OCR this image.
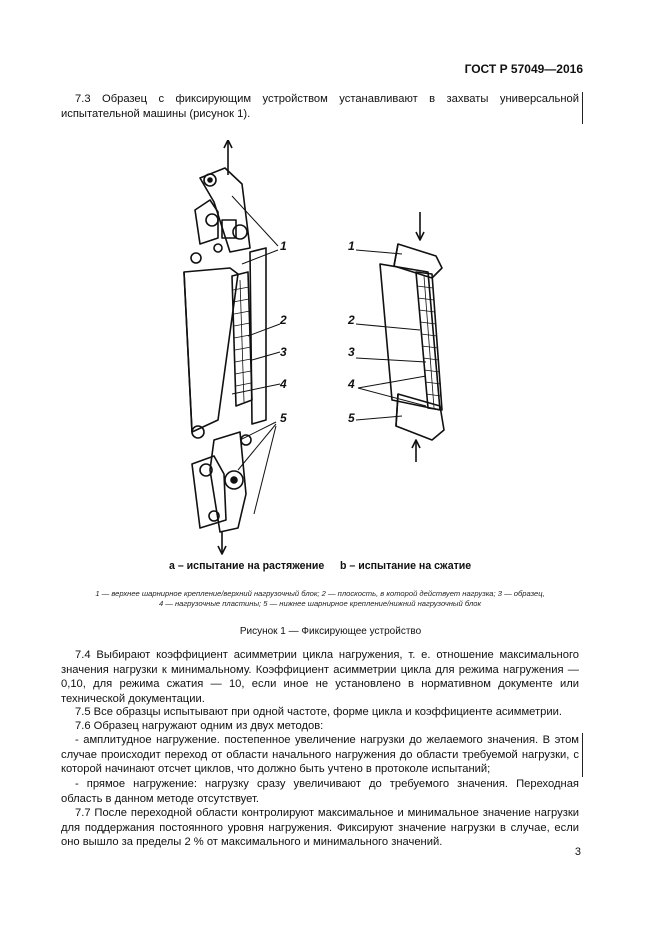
ГОСТ Р 57049—2016

7.3 Образец с фиксирующим устройством устанавливают в захваты универсальной испытательной машины (рисунок 1).

1
2
3
4
5
1
2
3
4
5
а – испытание на растяжение b – испытание на сжатие
1 — верхнее шарнирное крепление/верхний нагрузочный блок; 2 — плоскость, в которой действует нагрузка; 3 — образец,
4 — нагрузочные пластины; 5 — нижнее шарнирное крепление/нижний нагрузочный блок
Рисунок 1 — Фиксирующее устройство

7.4 Выбирают коэффициент асимметрии цикла нагружения, т. е. отношение максимального значения нагрузки к минимальному. Коэффициент асимметрии цикла для режима нагружения — 0,10, для режима сжатия — 10, если иное не установлено в нормативном документе или технической документации.

7.5 Все образцы испытывают при одной частоте, форме цикла и коэффициенте асимметрии.

7.6 Образец нагружают одним из двух методов:

- амплитудное нагружение. постепенное увеличение нагрузки до желаемого значения. В этом случае происходит переход от области начального нагружения до области требуемой нагрузки, с которой начинают отсчет циклов, что должно быть учтено в протоколе испытаний;

- прямое нагружение: нагрузку сразу увеличивают до требуемого значения. Переходная область в данном методе отсутствует.

7.7 После переходной области контролируют максимальное и минимальное значение нагрузки для поддержания постоянного уровня нагружения. Фиксируют значение нагрузки в случае, если оно вышло за пределы 2 % от максимального и минимального значений.

3
